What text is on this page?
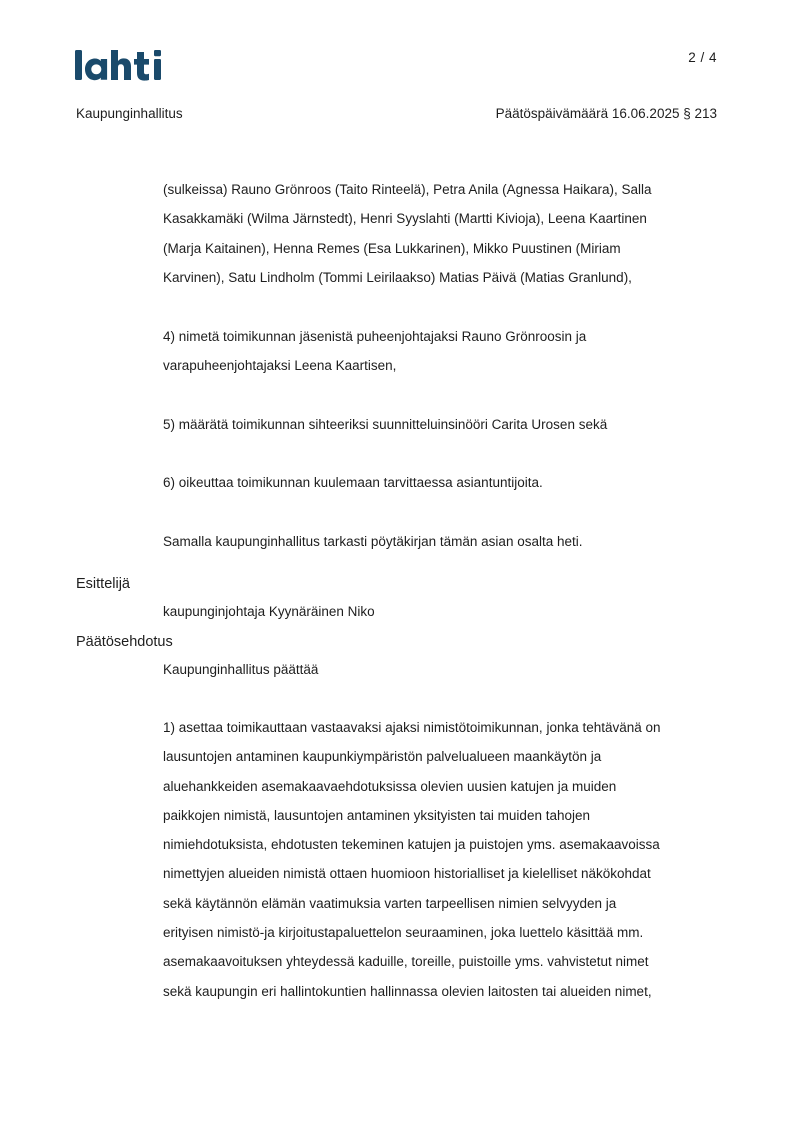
2 / 4
Kaupunginhallitus	Päätöspäivämäärä 16.06.2025 § 213
(sulkeissa) Rauno Grönroos (Taito Rinteelä), Petra Anila (Agnessa Haikara), Salla
Kasakkamäki (Wilma Järnstedt), Henri Syyslahti (Martti Kivioja), Leena Kaartinen
(Marja Kaitainen), Henna Remes (Esa Lukkarinen), Mikko Puustinen (Miriam
Karvinen), Satu Lindholm (Tommi Leirilaakso) Matias Päivä (Matias Granlund),
4) nimetä toimikunnan jäsenistä puheenjohtajaksi Rauno Grönroosin ja
varapuheenjohtajaksi Leena Kaartisen,
5) määrätä toimikunnan sihteeriksi suunnitteluinsinööri Carita Urosen sekä
6) oikeuttaa toimikunnan kuulemaan tarvittaessa asiantuntijoita.
Samalla kaupunginhallitus tarkasti pöytäkirjan tämän asian osalta heti.
Esittelijä
kaupunginjohtaja Kyynäräinen Niko
Päätösehdotus
Kaupunginhallitus päättää
1) asettaa toimikauttaan vastaavaksi ajaksi nimistötoimikunnan, jonka tehtävänä on
lausuntojen antaminen kaupunkiympäristön palvelualueen maankäytön ja
aluehankkeiden asemakaavaehdotuksissa olevien uusien katujen ja muiden
paikkojen nimistä, lausuntojen antaminen yksityisten tai muiden tahojen
nimiehdotuksista, ehdotusten tekeminen katujen ja puistojen yms. asemakaavoissa
nimettyjen alueiden nimistä ottaen huomioon historialliset ja kielelliset näkökohdat
sekä käytännön elämän vaatimuksia varten tarpeellisen nimien selvyyden ja
erityisen nimistö-ja kirjoitustapaluettelon seuraaminen, joka luettelo käsittää mm.
asemakaavoituksen yhteydessä kaduille, toreille, puistoille yms. vahvistetut nimet
sekä kaupungin eri hallintokuntien hallinnassa olevien laitosten tai alueiden nimet,
